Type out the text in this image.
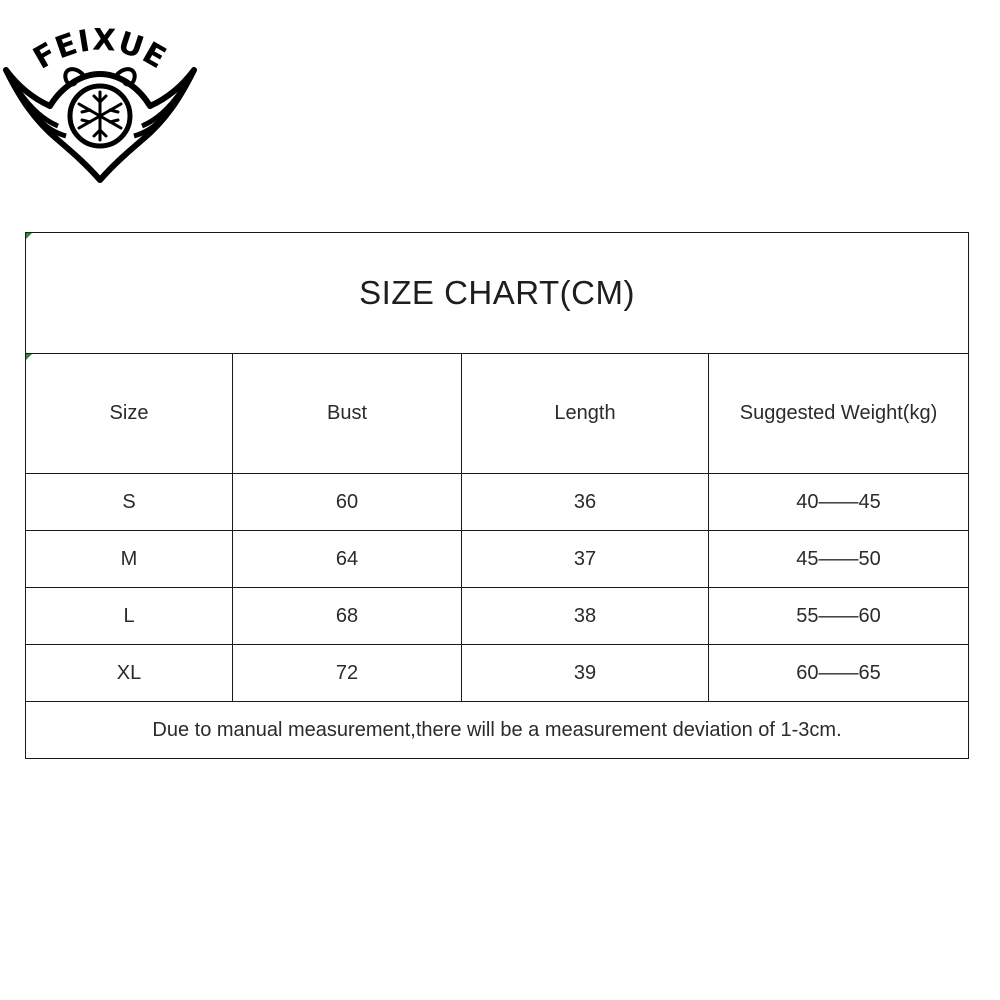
FEIXUE
SIZE CHART(CM)			

Size	Bust	Length	Suggested Weight(kg)
S	60	36	40——45
M	64	37	45——50
L	68	38	55——60
XL	72	39	60——65
Due to manual measurement,there will be a measurement deviation of 1-3cm.			
